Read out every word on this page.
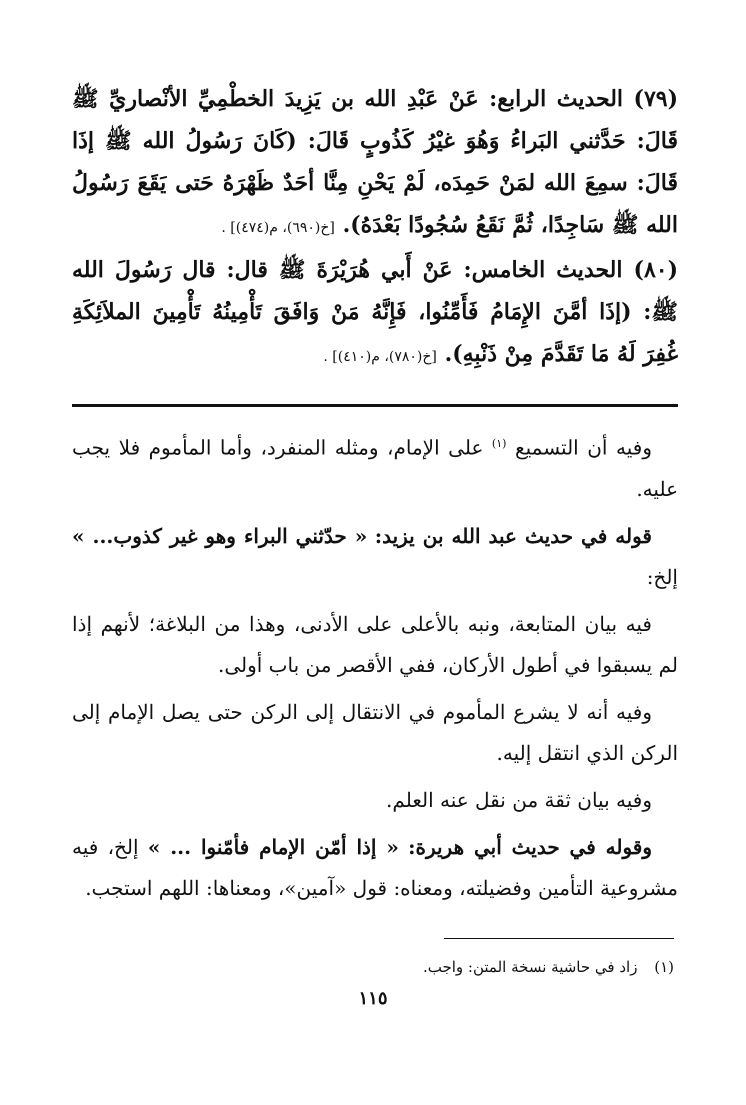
(٧٩) الحديث الرابع: عَنْ عَبْدِ الله بن يَزِيدَ الخطْمِيِّ الأنْصاريِّ ﷺ قَالَ: حَدَّثني البَراءُ وَهُوَ غيْرُ كَذُوبٍ قَالَ: (كَانَ رَسُولُ الله ﷺ إذَا قَالَ: سمِعَ الله لمَنْ حَمِدَه، لَمْ يَحْنِ مِنَّا أحَدٌ ظَهْرَهُ حَتى يَقَعَ رَسُولُ الله ﷺ سَاجِدًا، ثُمَّ نَقَعُ سُجُودًا بَعْدَهُ). [خ(٦٩٠)، م(٤٧٤)] .

(٨٠) الحديث الخامس: عَنْ أَبي هُرَيْرَةَ ﷺ قال: قال رَسُولَ الله ﷺ: (إذَا أمَّنَ الإِمَامُ فَأَمِّنُوا، فَإِنَّهُ مَنْ وَافَقَ تَأْمِينُهُ تَأْمِينَ الملاَئِكَةِ غُفِرَ لَهُ مَا تَقَدَّمَ مِنْ ذَنْبِهِ). [خ(٧٨٠)، م(٤١٠)] .

وفيه أن التسميع $^{(١)}$ على الإمام، ومثله المنفرد، وأما المأموم فلا يجب عليه.

قوله في حديث عبد الله بن يزيد: « حدّثني البراء وهو غير كذوب... » إلخ:

فيه بيان المتابعة، ونبه بالأعلى على الأدنى، وهذا من البلاغة؛ لأنهم إذا لم يسبقوا في أطول الأركان، ففي الأقصر من باب أولى.

وفيه أنه لا يشرع المأموم في الانتقال إلى الركن حتى يصل الإمام إلى الركن الذي انتقل إليه.

وفيه بيان ثقة من نقل عنه العلم.

وقوله في حديث أبي هريرة: « إذا أمّن الإمام فأمّنوا ... » إلخ، فيه مشروعية التأمين وفضيلته، ومعناه: قول «آمين»، ومعناها: اللهم استجب.

(١) زاد في حاشية نسخة المتن: واجب.
١١٥
